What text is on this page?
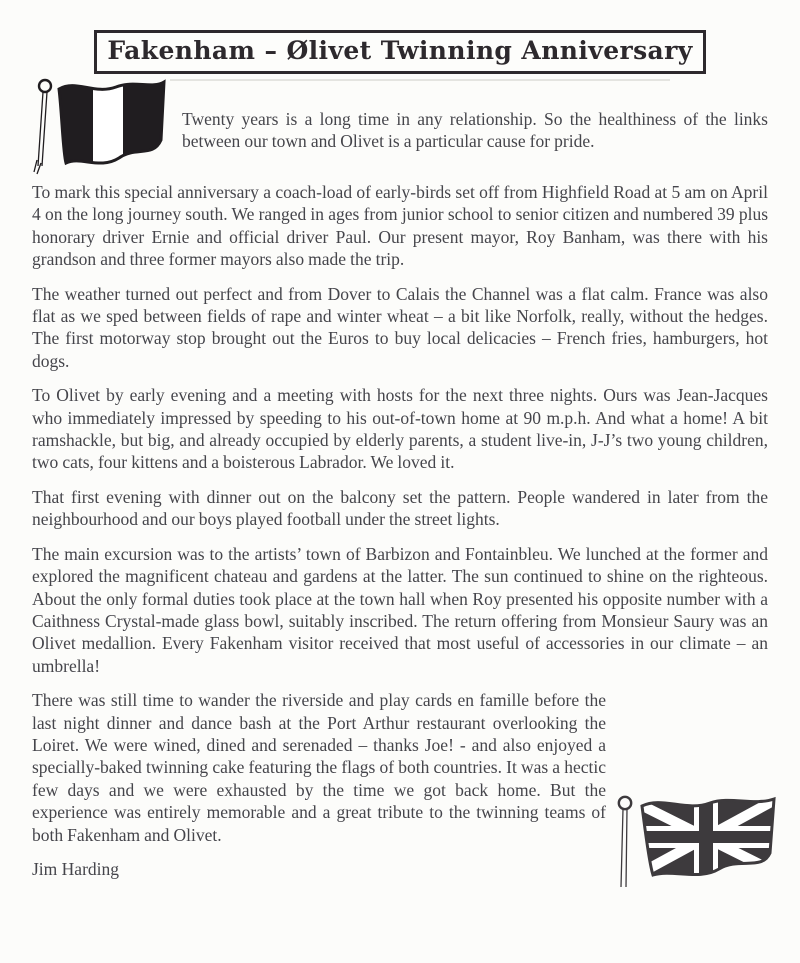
Fakenham – Ølivet Twinning Anniversary

Twenty years is a long time in any relationship. So the healthiness of the links between our town and Olivet is a particular cause for pride.

To mark this special anniversary a coach-load of early-birds set off from Highfield Road at 5 am on April 4 on the long journey south. We ranged in ages from junior school to senior citizen and numbered 39 plus honorary driver Ernie and official driver Paul. Our present mayor, Roy Banham, was there with his grandson and three former mayors also made the trip.

The weather turned out perfect and from Dover to Calais the Channel was a flat calm. France was also flat as we sped between fields of rape and winter wheat – a bit like Norfolk, really, without the hedges. The first motorway stop brought out the Euros to buy local delicacies – French fries, hamburgers, hot dogs.

To Olivet by early evening and a meeting with hosts for the next three nights. Ours was Jean-Jacques who immediately impressed by speeding to his out-of-town home at 90 m.p.h. And what a home! A bit ramshackle, but big, and already occupied by elderly parents, a student live-in, J-J’s two young children, two cats, four kittens and a boisterous Labrador. We loved it.

That first evening with dinner out on the balcony set the pattern. People wandered in later from the neighbourhood and our boys played football under the street lights.

The main excursion was to the artists’ town of Barbizon and Fontainbleu. We lunched at the former and explored the magnificent chateau and gardens at the latter. The sun continued to shine on the righteous. About the only formal duties took place at the town hall when Roy presented his opposite number with a Caithness Crystal-made glass bowl, suitably inscribed. The return offering from Monsieur Saury was an Olivet medallion. Every Fakenham visitor received that most useful of accessories in our climate – an umbrella!

There was still time to wander the riverside and play cards en famille before the last night dinner and dance bash at the Port Arthur restaurant overlooking the Loiret. We were wined, dined and serenaded – thanks Joe! - and also enjoyed a specially-baked twinning cake featuring the flags of both countries. It was a hectic few days and we were exhausted by the time we got back home. But the experience was entirely memorable and a great tribute to the twinning teams of both Fakenham and Olivet.

Jim Harding
